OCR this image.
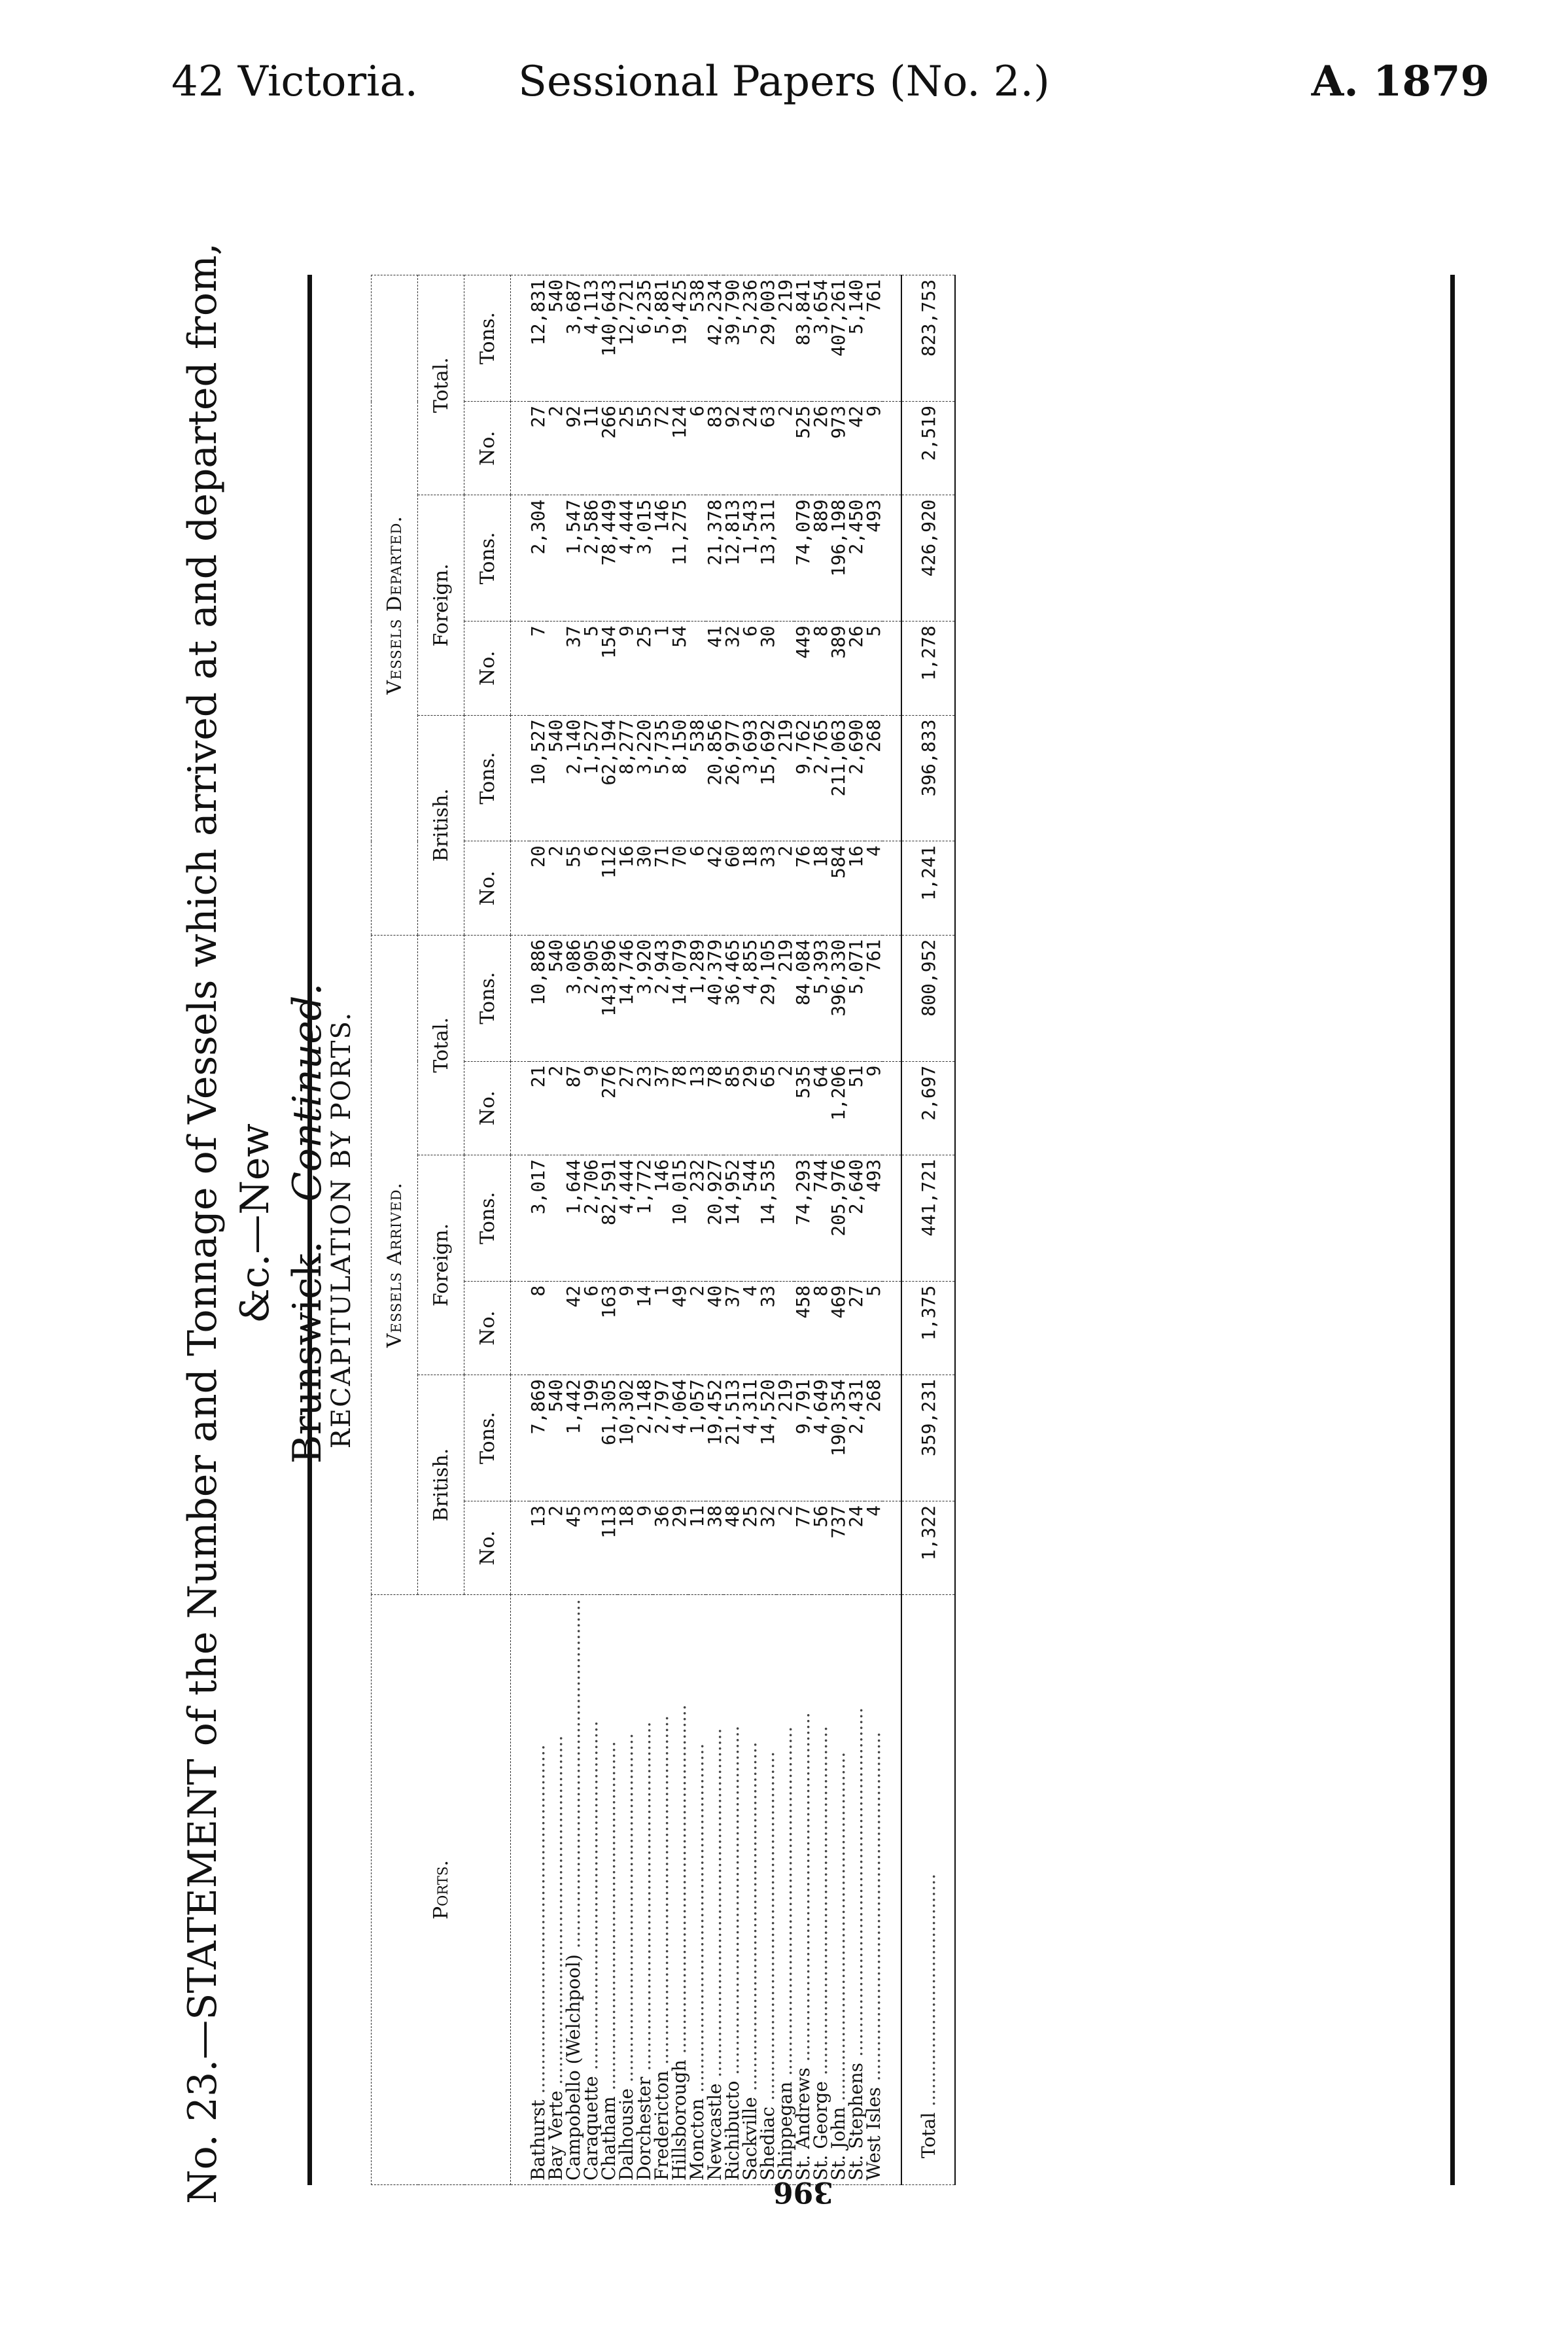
42 Victoria.	Sessional Papers (No. 2.)	A. 1879
No. 23.—STATEMENT of the Number and Tonnage of Vessels which arrived at and departed from, &c.—New
Brunswick.—Continued.
RECAPITULATION BY PORTS.
Ports.	Vessels Arrived.						Vessels Departed.					
	British.		Foreign.		Total.		British.		Foreign.		Total.	
	No.	Tons.	No.	Tons.	No.	Tons.	No.	Tons.	No.	Tons.	No.	Tons.

Bathurst ............................................................	13	7,869	8	3,017	21	10,886	20	10,527	7	2,304	27	12,831
Bay Verte ............................................................	2	540			2	540	2	540			2	540
Campobello (Welchpool) ............................................................	45	1,442	42	1,644	87	3,086	55	2,140	37	1,547	92	3,687
Caraquette ............................................................	3	199	6	2,706	9	2,905	6	1,527	5	2,586	11	4,113
Chatham ............................................................	113	61,305	163	82,591	276	143,896	112	62,194	154	78,449	266	140,643
Dalhousie ............................................................	18	10,302	9	4,444	27	14,746	16	8,277	9	4,444	25	12,721
Dorchester ............................................................	9	2,148	14	1,772	23	3,920	30	3,220	25	3,015	55	6,235
Fredericton ............................................................	36	2,797	1	146	37	2,943	71	5,735	1	146	72	5,881
Hillsborough ............................................................	29	4,064	49	10,015	78	14,079	70	8,150	54	11,275	124	19,425
Moncton ............................................................	11	1,057	2	232	13	1,289	6	538			6	538
Newcastle ............................................................	38	19,452	40	20,927	78	40,379	42	20,856	41	21,378	83	42,234
Richibucto ............................................................	48	21,513	37	14,952	85	36,465	60	26,977	32	12,813	92	39,790
Sackville ............................................................	25	4,311	4	544	29	4,855	18	3,693	6	1,543	24	5,236
Shediac ............................................................	32	14,520	33	14,535	65	29,105	33	15,692	30	13,311	63	29,003
Shippegan ............................................................	2	219			2	219	2	219			2	219
St. Andrews ............................................................	77	9,791	458	74,293	535	84,084	76	9,762	449	74,079	525	83,841
St. George ............................................................	56	4,649	8	744	64	5,393	18	2,765	8	889	26	3,654
St. John ............................................................	737	190,354	469	205,976	1,206	396,330	584	211,063	389	196,198	973	407,261
St. Stephens ............................................................	24	2,431	27	2,640	51	5,071	16	2,690	26	2,450	42	5,140
West Isles ............................................................	4	268	5	493	9	761	4	268	5	493	9	761

Total ........................................	1,322	359,231	1,375	441,721	2,697	800,952	1,241	396,833	1,278	426,920	2,519	823,753
396
